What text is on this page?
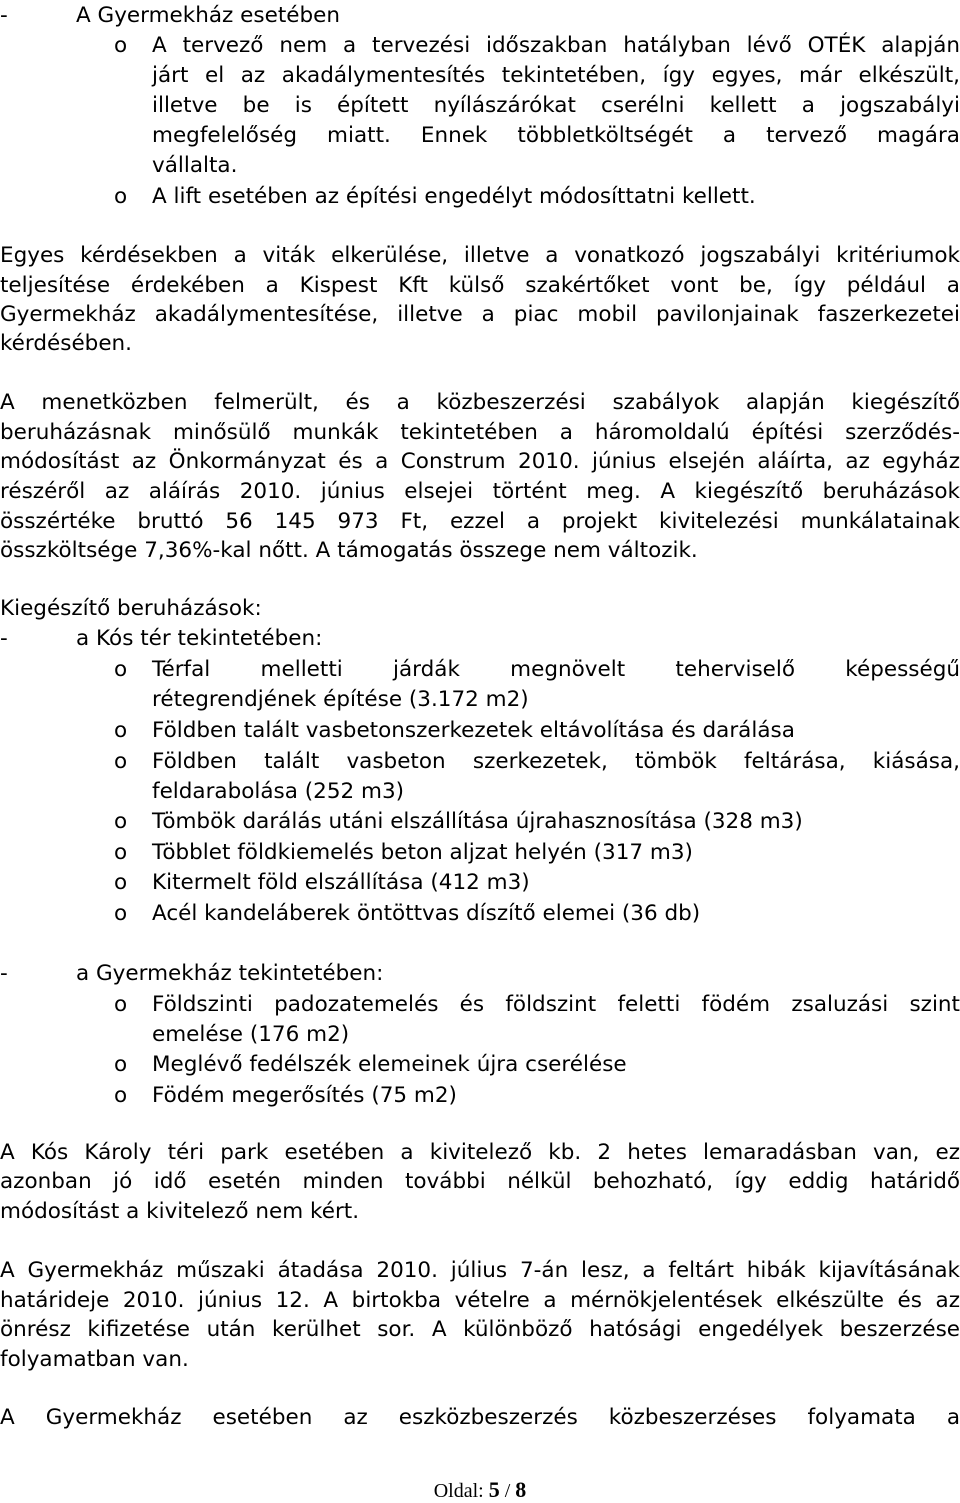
-	A Gyermekház esetében
o A tervező nem a tervezési időszakban hatályban lévő OTÉK alapján
járt el az akadálymentesítés tekintetében, így egyes, már elkészült,
illetve be is épített nyílászárókat cserélni kellett a jogszabályi
megfelelőség miatt. Ennek többletköltségét a tervező magára
vállalta.
o A lift esetében az építési engedélyt módosíttatni kellett.
Egyes kérdésekben a viták elkerülése, illetve a vonatkozó jogszabályi kritériumok
teljesítése érdekében a Kispest Kft külső szakértőket vont be, így például a
Gyermekház akadálymentesítése, illetve a piac mobil pavilonjainak faszerkezetei
kérdésében.
A menetközben felmerült, és a közbeszerzési szabályok alapján kiegészítő
beruházásnak minősülő munkák tekintetében a háromoldalú építési szerződés-
módosítást az Önkormányzat és a Construm 2010. június elsején aláírta, az egyház
részéről az aláírás 2010. június elsejei történt meg. A kiegészítő beruházások
összértéke bruttó 56 145 973 Ft, ezzel a projekt kivitelezési munkálatainak
összköltsége 7,36%-kal nőtt. A támogatás összege nem változik.
Kiegészítő beruházások:
-	a Kós tér tekintetében:
o Térfal melletti járdák megnövelt teherviselő képességű
rétegrendjének építése (3.172 m2)
o Földben talált vasbetonszerkezetek eltávolítása és darálása
o Földben talált vasbeton szerkezetek, tömbök feltárása, kiásása,
feldarabolása (252 m3)
o Tömbök darálás utáni elszállítása újrahasznosítása (328 m3)
o Többlet földkiemelés beton aljzat helyén (317 m3)
o Kitermelt föld elszállítása (412 m3)
o Acél kandeláberek öntöttvas díszítő elemei (36 db)
-	a Gyermekház tekintetében:
o Földszinti padozatemelés és földszint feletti födém zsaluzási szint
emelése (176 m2)
o Meglévő fedélszék elemeinek újra cserélése
o Födém megerősítés (75 m2)
A Kós Károly téri park esetében a kivitelező kb. 2 hetes lemaradásban van, ez
azonban jó idő esetén minden további nélkül behozható, így eddig határidő
módosítást a kivitelező nem kért.
A Gyermekház műszaki átadása 2010. július 7-án lesz, a feltárt hibák kijavításának
határideje 2010. június 12. A birtokba vételre a mérnökjelentések elkészülte és az
önrész kifizetése után kerülhet sor. A különböző hatósági engedélyek beszerzése
folyamatban van.
A Gyermekház esetében az eszközbeszerzés közbeszerzéses folyamata a
Oldal: 5 / 8
